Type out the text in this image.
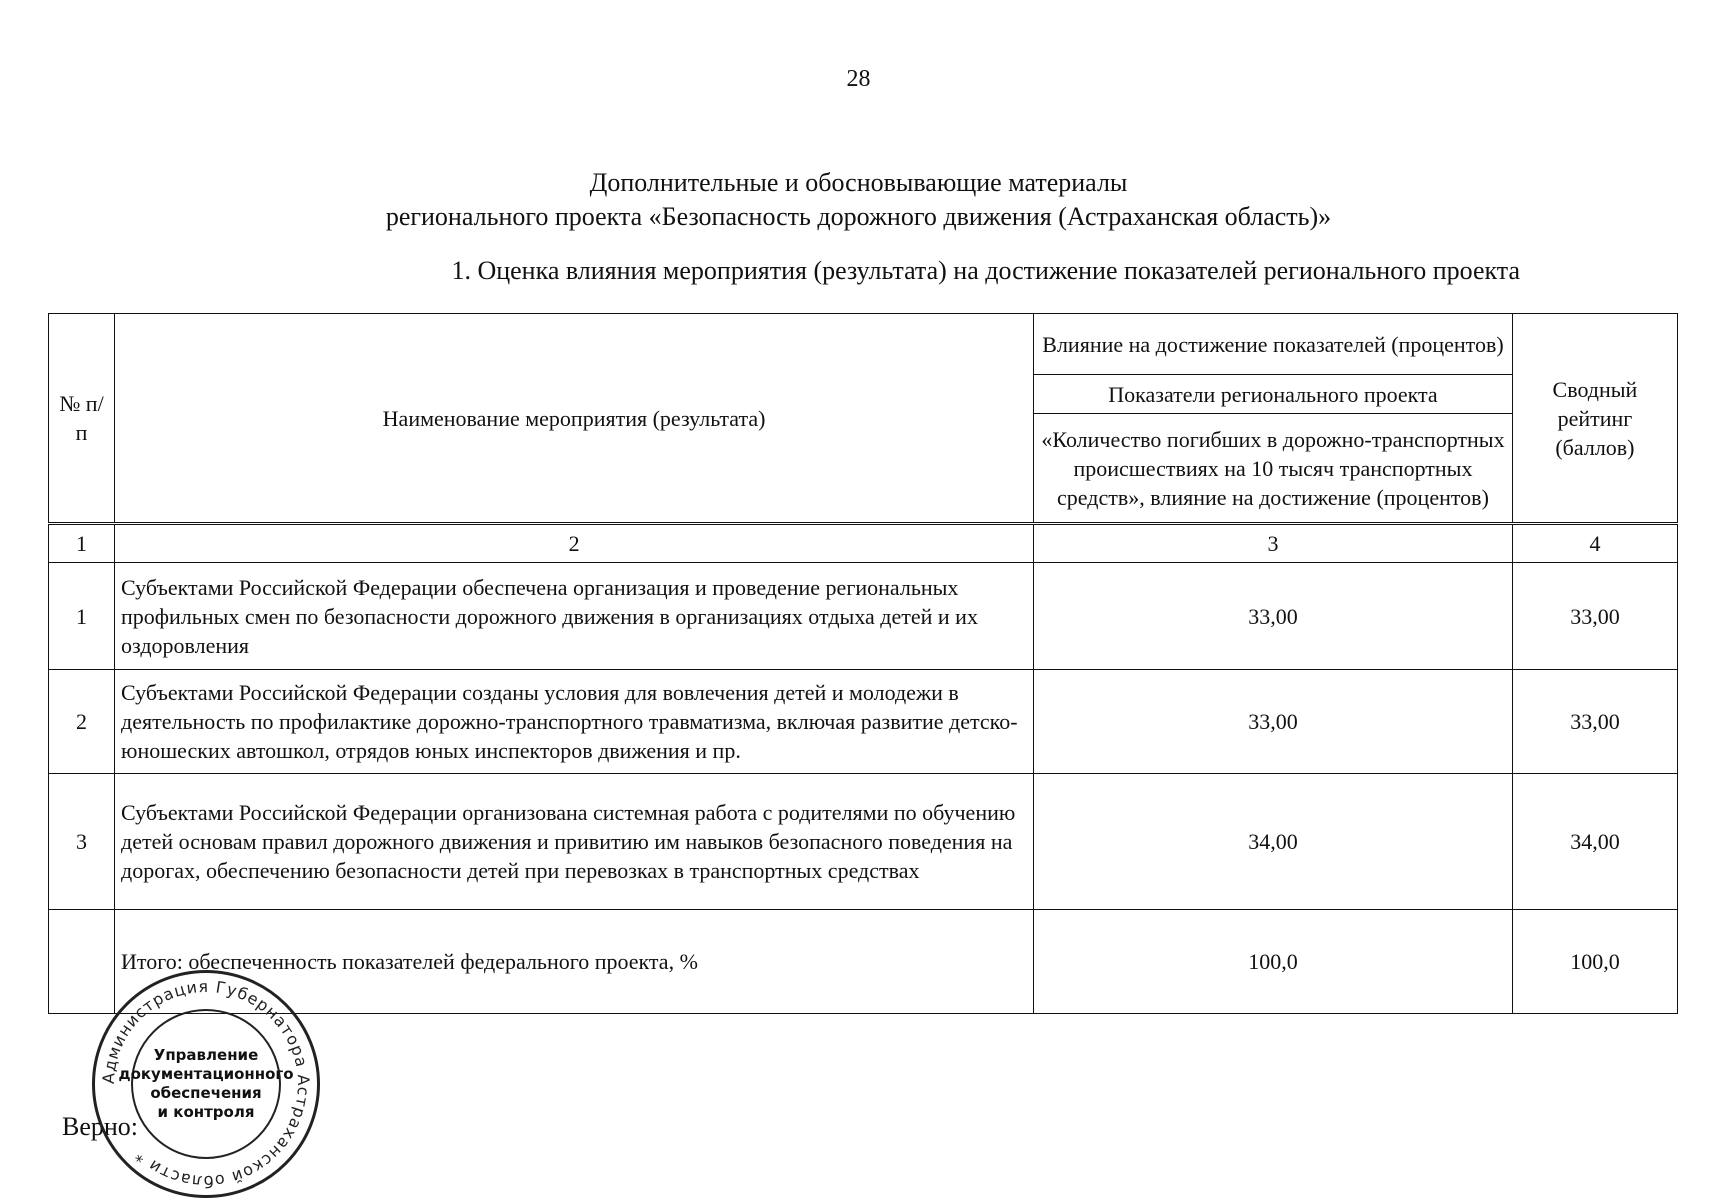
28
Дополнительные и обосновывающие материалы
регионального проекта «Безопасность дорожного движения (Астраханская область)»
1. Оценка влияния мероприятия (результата) на достижение показателей регионального проекта
№ п/п	Наименование мероприятия (результата)	Влияние на достижение показателей (процентов)	Сводный рейтинг (баллов)
		Показатели регионального проекта	
		«Количество погибших в дорожно-транспортных происшествиях на 10 тысяч транспортных средств», влияние на достижение (процентов)	
1	2	3	4
1	Субъектами Российской Федерации обеспечена организация и проведение региональных профильных смен по безопасности дорожного движения в организациях отдыха детей и их оздоровления	33,00	33,00
2	Субъектами Российской Федерации созданы условия для вовлечения детей и молодежи в деятельность по профилактике дорожно-транспортного травматизма, включая развитие детско-юношеских автошкол, отрядов юных инспекторов движения и пр.	33,00	33,00
3	Субъектами Российской Федерации организована системная работа с родителями по обучению детей основам правил дорожного движения и привитию им навыков безопасного поведения на дорогах, обеспечению безопасности детей при перевозках в транспортных средствах	34,00	34,00
	Итого: обеспеченность показателей федерального проекта, %	100,0	100,0
Верно:
Администрация Губернатора Астраханской области *
Управление
документационного
обеспечения
и контроля
